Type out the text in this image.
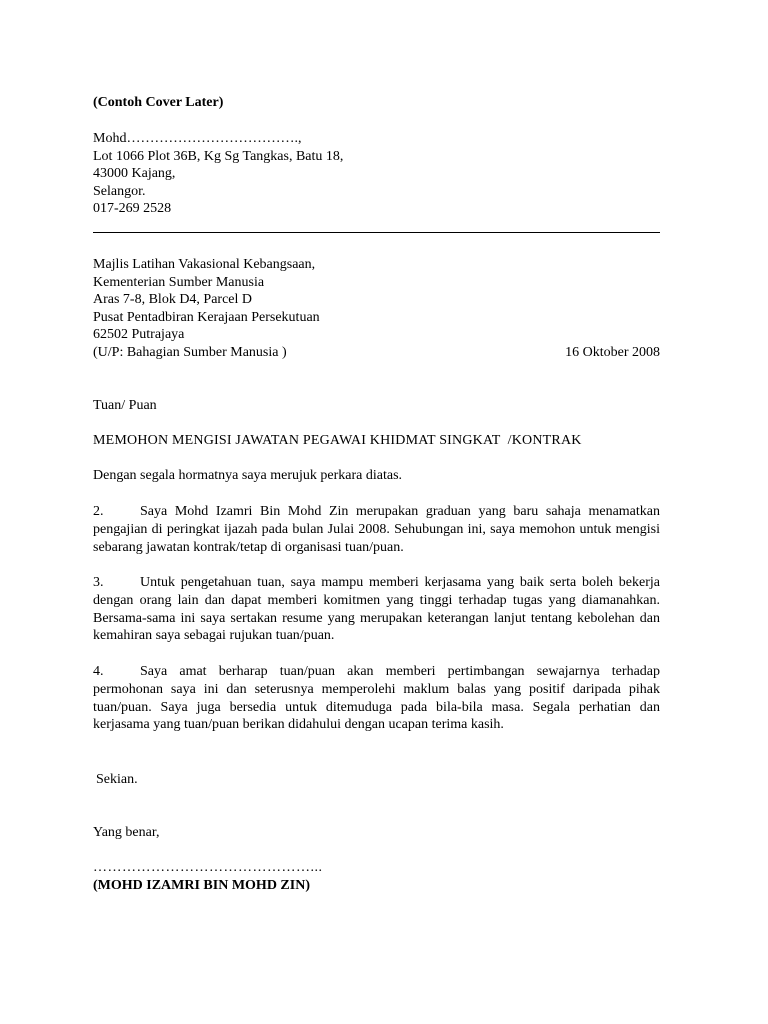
(Contoh Cover Later)
Mohd……………………………….,
Lot 1066 Plot 36B, Kg Sg Tangkas, Batu 18,
43000 Kajang,
Selangor.
017-269 2528
Majlis Latihan Vakasional Kebangsaan,
Kementerian Sumber Manusia
Aras 7-8, Blok D4, Parcel D
Pusat Pentadbiran Kerajaan Persekutuan
62502 Putrajaya
(U/P: Bahagian Sumber Manusia )	16 Oktober 2008
Tuan/ Puan
MEMOHON MENGISI JAWATAN PEGAWAI KHIDMAT SINGKAT  /KONTRAK
Dengan segala hormatnya saya merujuk perkara diatas.
2.	Saya Mohd Izamri Bin Mohd Zin merupakan graduan yang baru sahaja menamatkan pengajian di peringkat ijazah pada bulan Julai 2008. Sehubungan ini, saya memohon untuk mengisi sebarang jawatan kontrak/tetap di organisasi tuan/puan.
3.	Untuk pengetahuan tuan, saya mampu memberi kerjasama yang baik serta boleh bekerja dengan orang lain dan dapat memberi komitmen yang tinggi terhadap tugas yang diamanahkan. Bersama-sama ini saya sertakan resume yang merupakan keterangan lanjut tentang kebolehan dan kemahiran saya sebagai rujukan tuan/puan.
4.	Saya amat berharap tuan/puan akan memberi pertimbangan sewajarnya terhadap permohonan saya ini dan seterusnya memperolehi maklum balas yang positif daripada pihak tuan/puan. Saya juga bersedia untuk ditemuduga pada bila-bila masa. Segala perhatian dan kerjasama yang tuan/puan berikan didahului dengan ucapan terima kasih.
Sekian.
Yang benar,
………………………………………...
(MOHD IZAMRI BIN MOHD ZIN)
